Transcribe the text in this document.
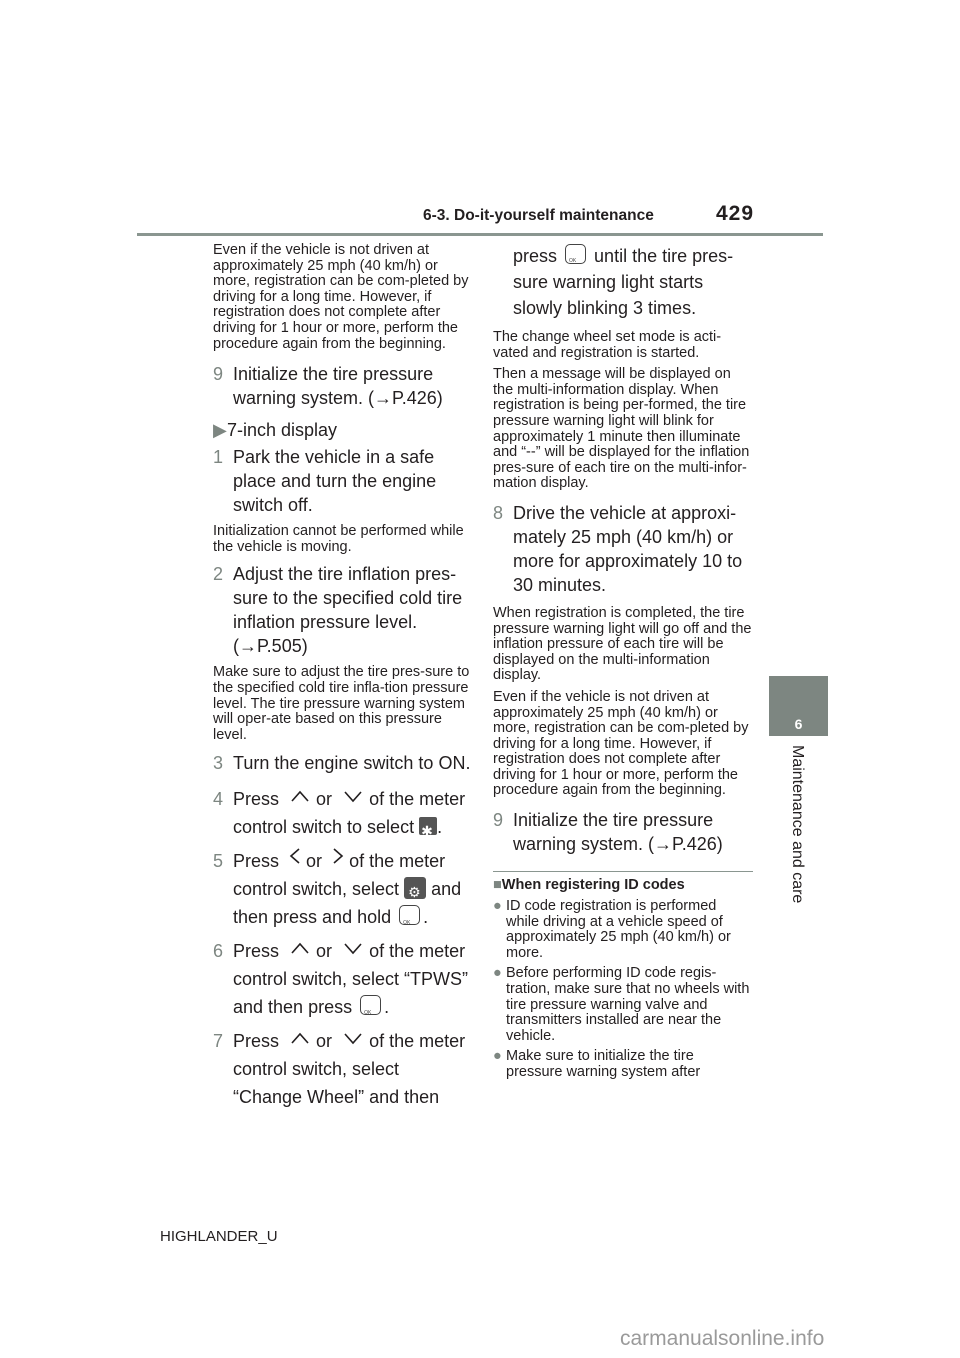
6-3. Do-it-yourself maintenance	429
6
Maintenance and care

Even if the vehicle is not driven at approximately 25 mph (40 km/h) or more, registration can be com-pleted by driving for a long time. However, if registration does not complete after driving for 1 hour or more, perform the procedure again from the beginning.

9 Initialize the tire pressure warning system. (→P.426)

▶ 7-inch display

1 Park the vehicle in a safe place and turn the engine switch off.

Initialization cannot be performed while the vehicle is moving.

2 Adjust the tire inflation pres-sure to the specified cold tire inflation pressure level. (→P.505)

Make sure to adjust the tire pres-sure to the specified cold tire infla-tion pressure level. The tire pressure warning system will oper-ate based on this pressure level.

3 Turn the engine switch to ON.

4 Press or of the meter control switch to select ✱ .

5 Press or of the meter control switch, select ⚙ and then press and hold OK .

6 Press or of the meter control switch, select “TPWS” and then press OK .

7 Press or of the meter control switch, select “Change Wheel” and then

press OK until the tire pres-sure warning light starts slowly blinking 3 times.

The change wheel set mode is acti-vated and registration is started.

Then a message will be displayed on the multi-information display. When registration is being per-formed, the tire pressure warning light will blink for approximately 1 minute then illuminate and “--” will be displayed for the inflation pres-sure of each tire on the multi-infor-mation display.

8 Drive the vehicle at approxi-mately 25 mph (40 km/h) or more for approximately 10 to 30 minutes.

When registration is completed, the tire pressure warning light will go off and the inflation pressure of each tire will be displayed on the multi-information display.

Even if the vehicle is not driven at approximately 25 mph (40 km/h) or more, registration can be com-pleted by driving for a long time. However, if registration does not complete after driving for 1 hour or more, perform the procedure again from the beginning.

9 Initialize the tire pressure warning system. (→P.426)

■When registering ID codes

● ID code registration is performed while driving at a vehicle speed of approximately 25 mph (40 km/h) or more.

● Before performing ID code regis-tration, make sure that no wheels with tire pressure warning valve and transmitters installed are near the vehicle.

● Make sure to initialize the tire pressure warning system after

HIGHLANDER_U
carmanualsonline.info
